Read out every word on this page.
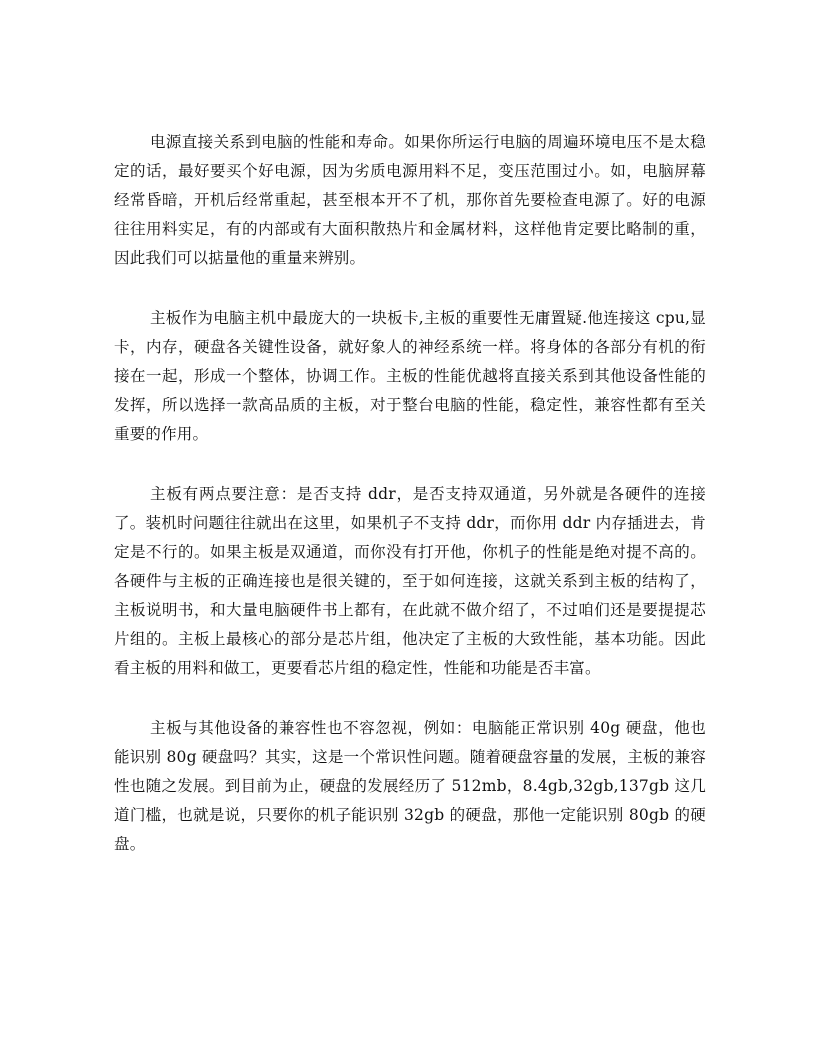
电源直接关系到电脑的性能和寿命。如果你所运行电脑的周遍环境电压不是太稳定的话，最好要买个好电源，因为劣质电源用料不足，变压范围过小。如，电脑屏幕经常昏暗，开机后经常重起，甚至根本开不了机，那你首先要检查电源了。好的电源往往用料实足，有的内部或有大面积散热片和金属材料，这样他肯定要比略制的重，因此我们可以掂量他的重量来辨别。

主板作为电脑主机中最庞大的一块板卡,主板的重要性无庸置疑.他连接这 cpu,显卡，内存，硬盘各关键性设备，就好象人的神经系统一样。将身体的各部分有机的衔接在一起，形成一个整体，协调工作。主板的性能优越将直接关系到其他设备性能的发挥，所以选择一款高品质的主板，对于整台电脑的性能，稳定性，兼容性都有至关重要的作用。

主板有两点要注意：是否支持 ddr，是否支持双通道，另外就是各硬件的连接了。装机时问题往往就出在这里，如果机子不支持 ddr，而你用 ddr 内存插进去，肯定是不行的。如果主板是双通道，而你没有打开他，你机子的性能是绝对提不高的。各硬件与主板的正确连接也是很关键的，至于如何连接，这就关系到主板的结构了，主板说明书，和大量电脑硬件书上都有，在此就不做介绍了，不过咱们还是要提提芯片组的。主板上最核心的部分是芯片组，他决定了主板的大致性能，基本功能。因此看主板的用料和做工，更要看芯片组的稳定性，性能和功能是否丰富。

主板与其他设备的兼容性也不容忽视，例如：电脑能正常识别 40g 硬盘，他也能识别 80g 硬盘吗？其实，这是一个常识性问题。随着硬盘容量的发展，主板的兼容性也随之发展。到目前为止，硬盘的发展经历了 512mb，8.4gb,32gb,137gb 这几道门槛，也就是说，只要你的机子能识别 32gb 的硬盘，那他一定能识别 80gb 的硬盘。
